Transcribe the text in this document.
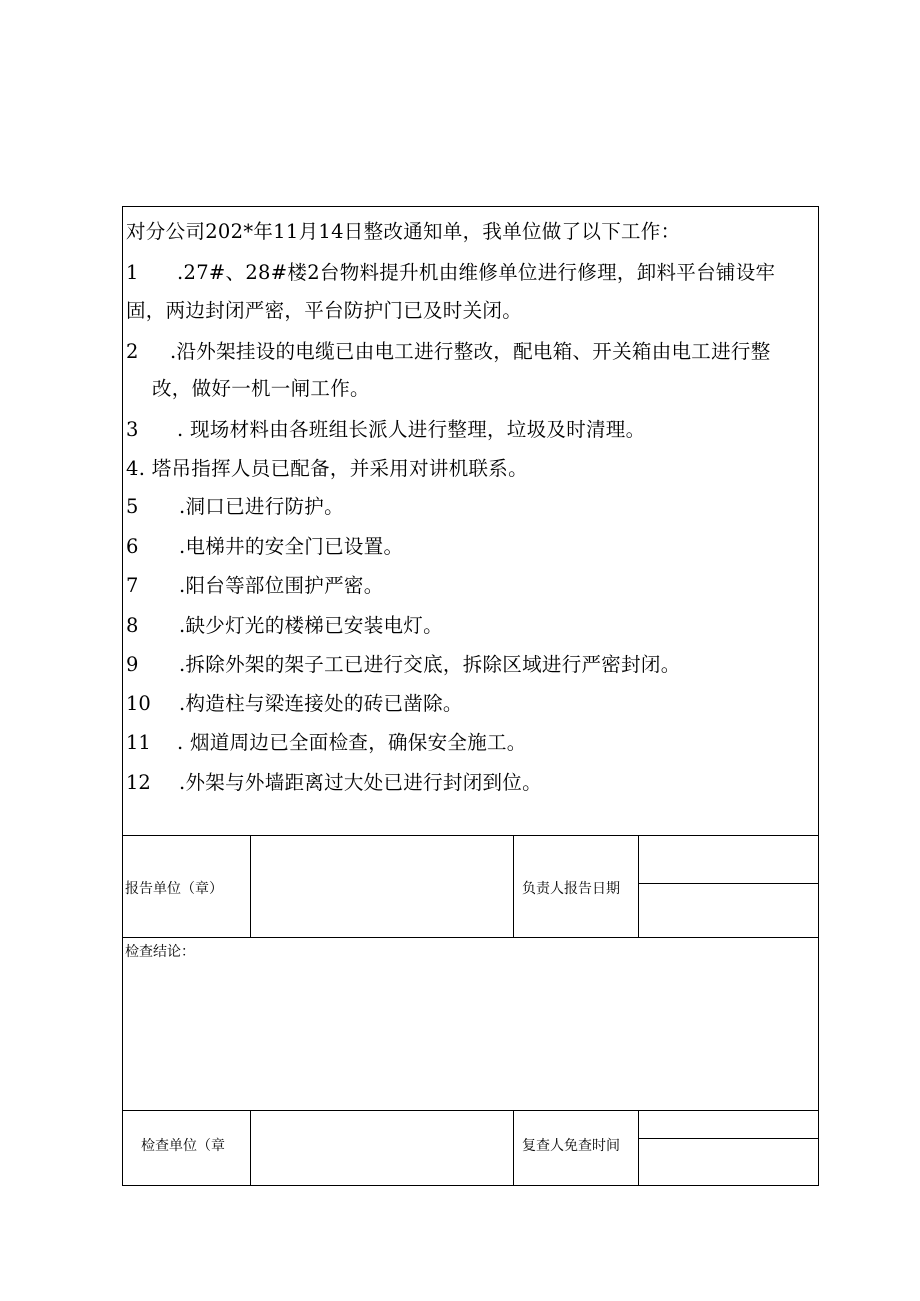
对分公司202*年11月14日整改通知单，我单位做了以下工作：
1 .27#、28#楼2台物料提升机由维修单位进行修理，卸料平台铺设牢
固，两边封闭严密，平台防护门已及时关闭。
2 .沿外架挂设的电缆已由电工进行整改，配电箱、开关箱由电工进行整
改，做好一机一闸工作。
3 . 现场材料由各班组长派人进行整理，垃圾及时清理。
4. 塔吊指挥人员已配备，并采用对讲机联系。
5 .洞口已进行防护。
6 .电梯井的安全门已设置。
7 .阳台等部位围护严密。
8 .缺少灯光的楼梯已安装电灯。
9 .拆除外架的架子工已进行交底，拆除区域进行严密封闭。
10 .构造柱与梁连接处的砖已凿除。
11 . 烟道周边已全面检查，确保安全施工。
12 .外架与外墙距离过大处已进行封闭到位。
报告单位（章）	负责人报告日期
检查结论：
检查单位（章	复查人免查时间
